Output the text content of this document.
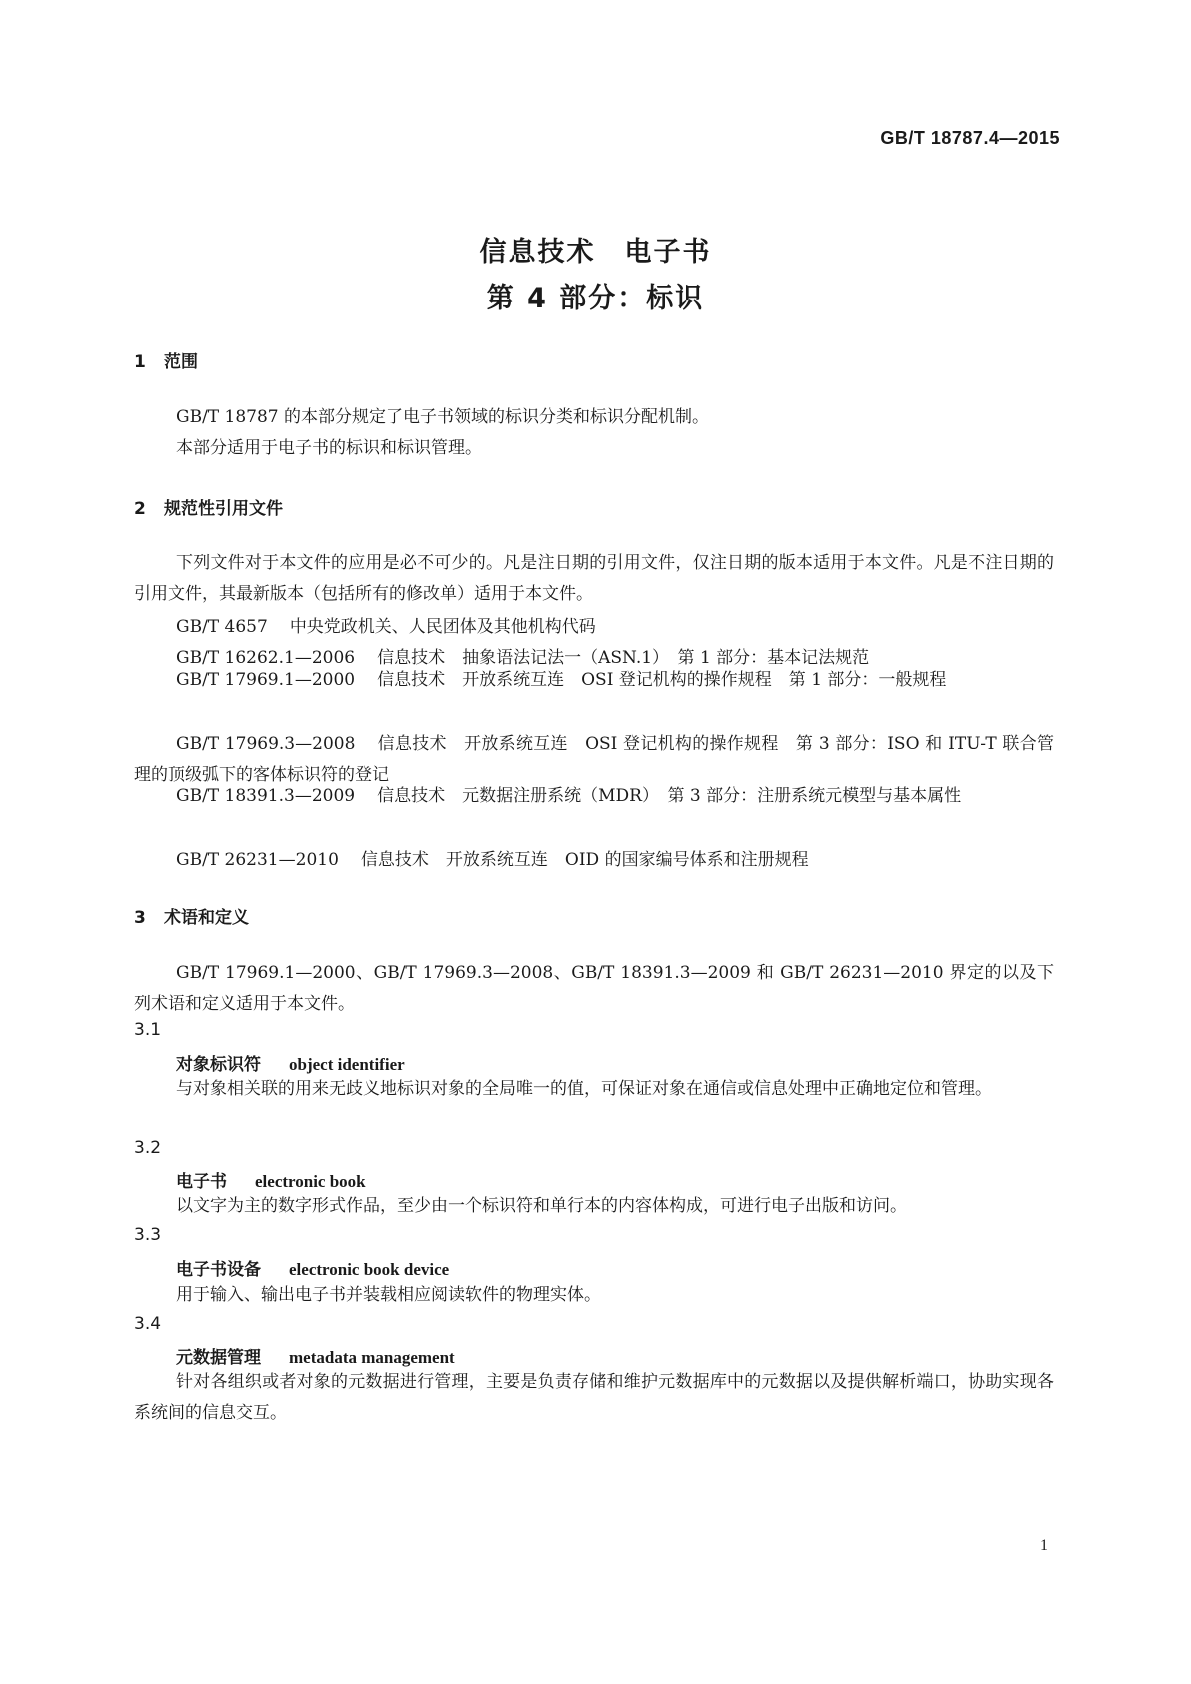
GB/T 18787.4—2015
信息技术　电子书
第 4 部分：标识
1 范围
GB/T 18787 的本部分规定了电子书领域的标识分类和标识分配机制。
本部分适用于电子书的标识和标识管理。
2 规范性引用文件
下列文件对于本文件的应用是必不可少的。凡是注日期的引用文件，仅注日期的版本适用于本文件。凡是不注日期的引用文件，其最新版本（包括所有的修改单）适用于本文件。
GB/T 4657 中央党政机关、人民团体及其他机构代码
GB/T 16262.1—2006 信息技术　抽象语法记法一（ASN.1）　第 1 部分：基本记法规范
GB/T 17969.1—2000 信息技术　开放系统互连　OSI 登记机构的操作规程　第 1 部分：一般规程
GB/T 17969.3—2008 信息技术　开放系统互连　OSI 登记机构的操作规程　第 3 部分：ISO 和 ITU-T 联合管理的顶级弧下的客体标识符的登记
GB/T 18391.3—2009 信息技术　元数据注册系统（MDR）　第 3 部分：注册系统元模型与基本属性
GB/T 26231—2010 信息技术　开放系统互连　OID 的国家编号体系和注册规程
3 术语和定义
GB/T 17969.1—2000、GB/T 17969.3—2008、GB/T 18391.3—2009 和 GB/T 26231—2010 界定的以及下列术语和定义适用于本文件。
3.1
对象标识符 object identifier
与对象相关联的用来无歧义地标识对象的全局唯一的值，可保证对象在通信或信息处理中正确地定位和管理。
3.2
电子书 electronic book
以文字为主的数字形式作品，至少由一个标识符和单行本的内容体构成，可进行电子出版和访问。
3.3
电子书设备 electronic book device
用于输入、输出电子书并装载相应阅读软件的物理实体。
3.4
元数据管理 metadata management
针对各组织或者对象的元数据进行管理，主要是负责存储和维护元数据库中的元数据以及提供解析端口，协助实现各系统间的信息交互。
1
